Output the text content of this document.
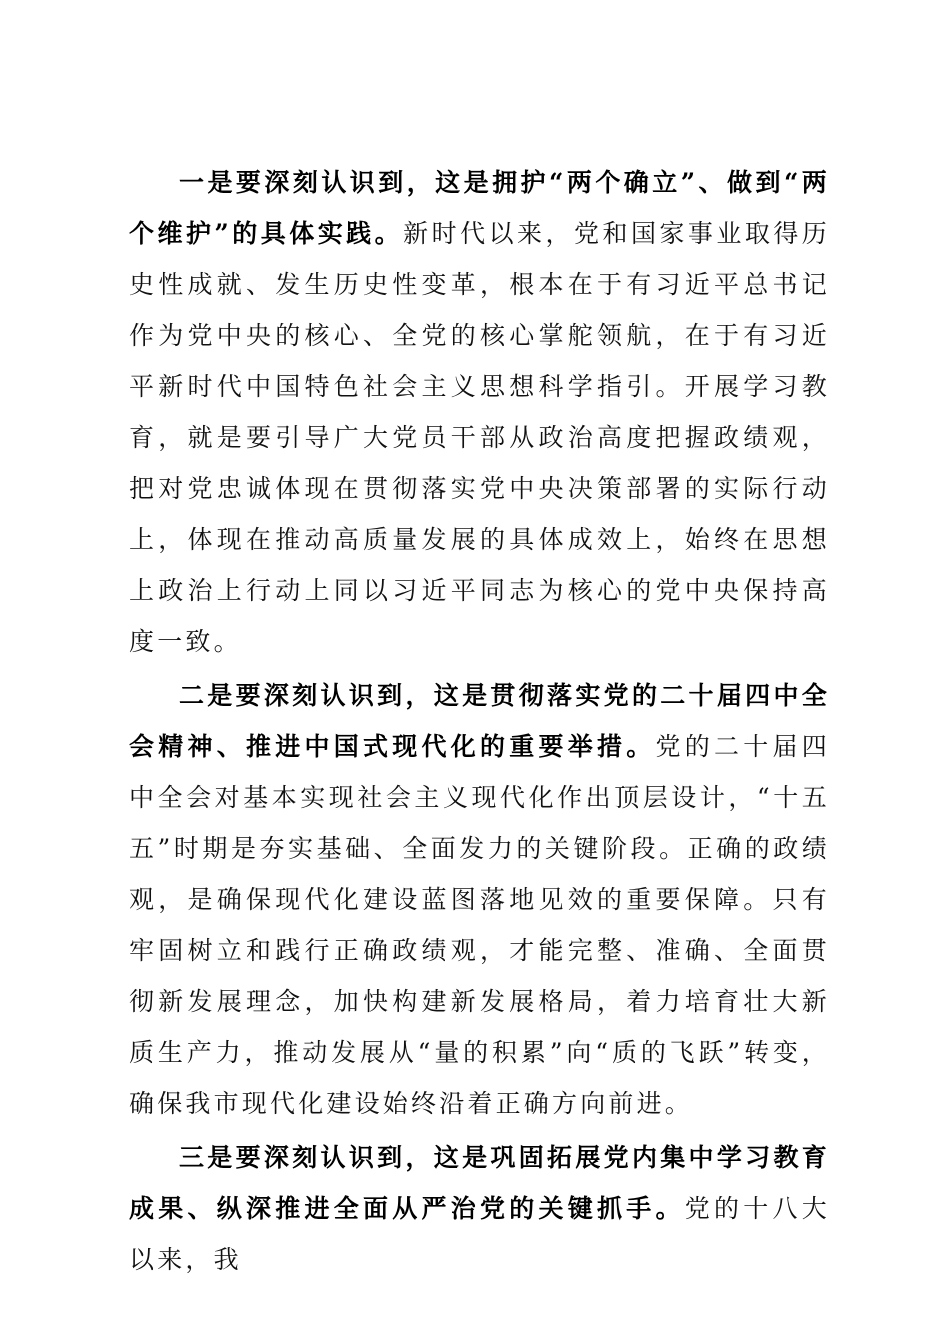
一是要深刻认识到，这是拥护“两个确立”、做到“两个维护”的具体实践。新时代以来，党和国家事业取得历史性成就、发生历史性变革，根本在于有习近平总书记作为党中央的核心、全党的核心掌舵领航，在于有习近平新时代中国特色社会主义思想科学指引。开展学习教育，就是要引导广大党员干部从政治高度把握政绩观，把对党忠诚体现在贯彻落实党中央决策部署的实际行动上，体现在推动高质量发展的具体成效上，始终在思想上政治上行动上同以习近平同志为核心的党中央保持高度一致。

二是要深刻认识到，这是贯彻落实党的二十届四中全会精神、推进中国式现代化的重要举措。党的二十届四中全会对基本实现社会主义现代化作出顶层设计，“十五五”时期是夯实基础、全面发力的关键阶段。正确的政绩观，是确保现代化建设蓝图落地见效的重要保障。只有牢固树立和践行正确政绩观，才能完整、准确、全面贯彻新发展理念，加快构建新发展格局，着力培育壮大新质生产力，推动发展从“量的积累”向“质的飞跃”转变，确保我市现代化建设始终沿着正确方向前进。

三是要深刻认识到，这是巩固拓展党内集中学习教育成果、纵深推进全面从严治党的关键抓手。党的十八大以来，我
